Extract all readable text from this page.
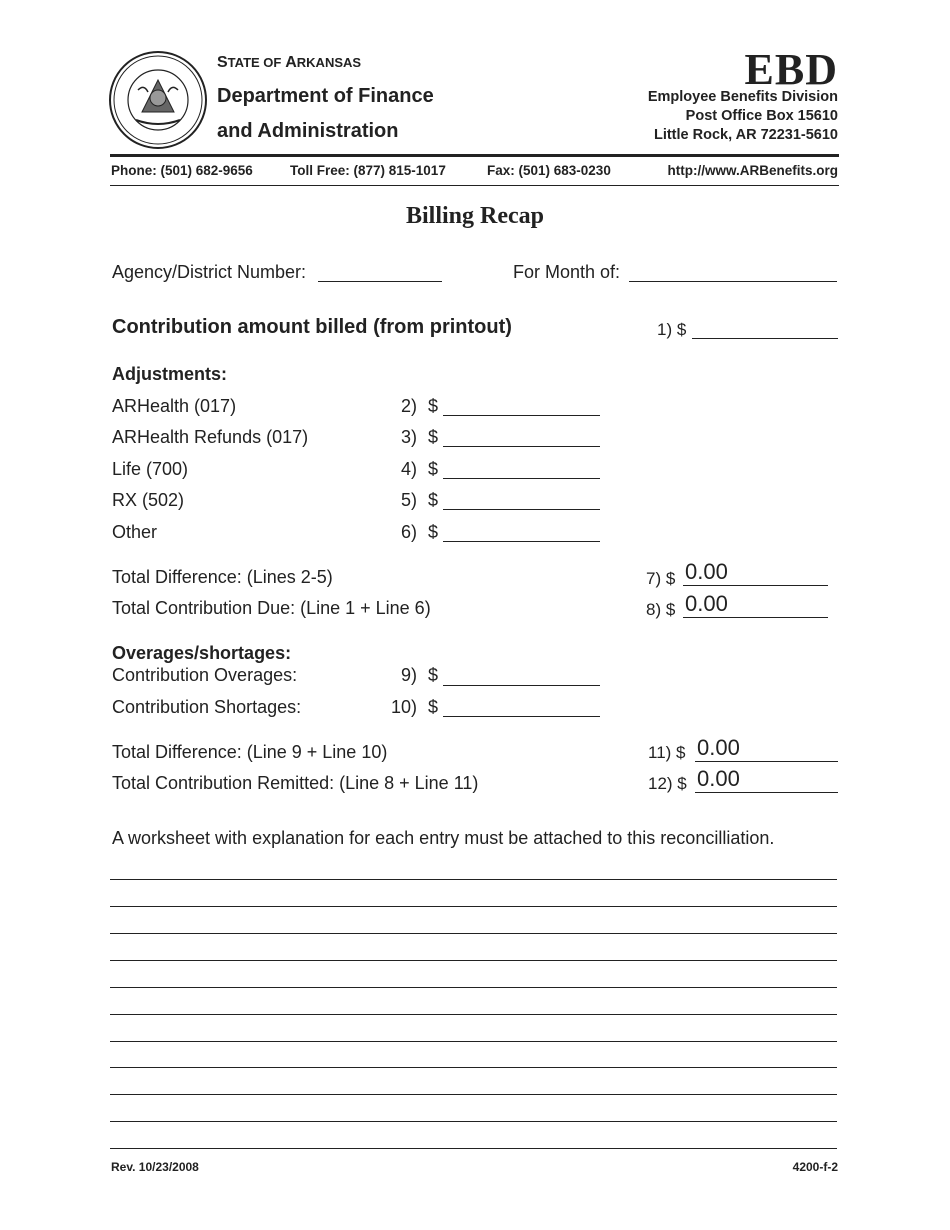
STATE OF ARKANSAS
Department of Finance
and Administration
EBD
Employee Benefits Division
Post Office Box 15610
Little Rock, AR 72231-5610
Phone: (501) 682-9656	Toll Free: (877) 815-1017	Fax: (501) 683-0230	http://www.ARBenefits.org
Billing Recap
Agency/District Number:	For Month of:
Contribution amount billed (from printout)	1) $
Adjustments:
ARHealth (017)	2) $
ARHealth Refunds (017)	3) $
Life (700)	4) $
RX (502)	5) $
Other	6) $
Total Difference: (Lines 2-5)	7) $ 0.00
Total Contribution Due: (Line 1 + Line 6)	8) $ 0.00
Overages/shortages:
Contribution Overages:	9) $
Contribution Shortages:	10) $
Total Difference: (Line 9 + Line 10)	11) $ 0.00
Total Contribution Remitted: (Line 8 + Line 11)	12) $ 0.00
A worksheet with explanation for each entry must be attached to this reconcilliation.
Rev. 10/23/2008	4200-f-2
